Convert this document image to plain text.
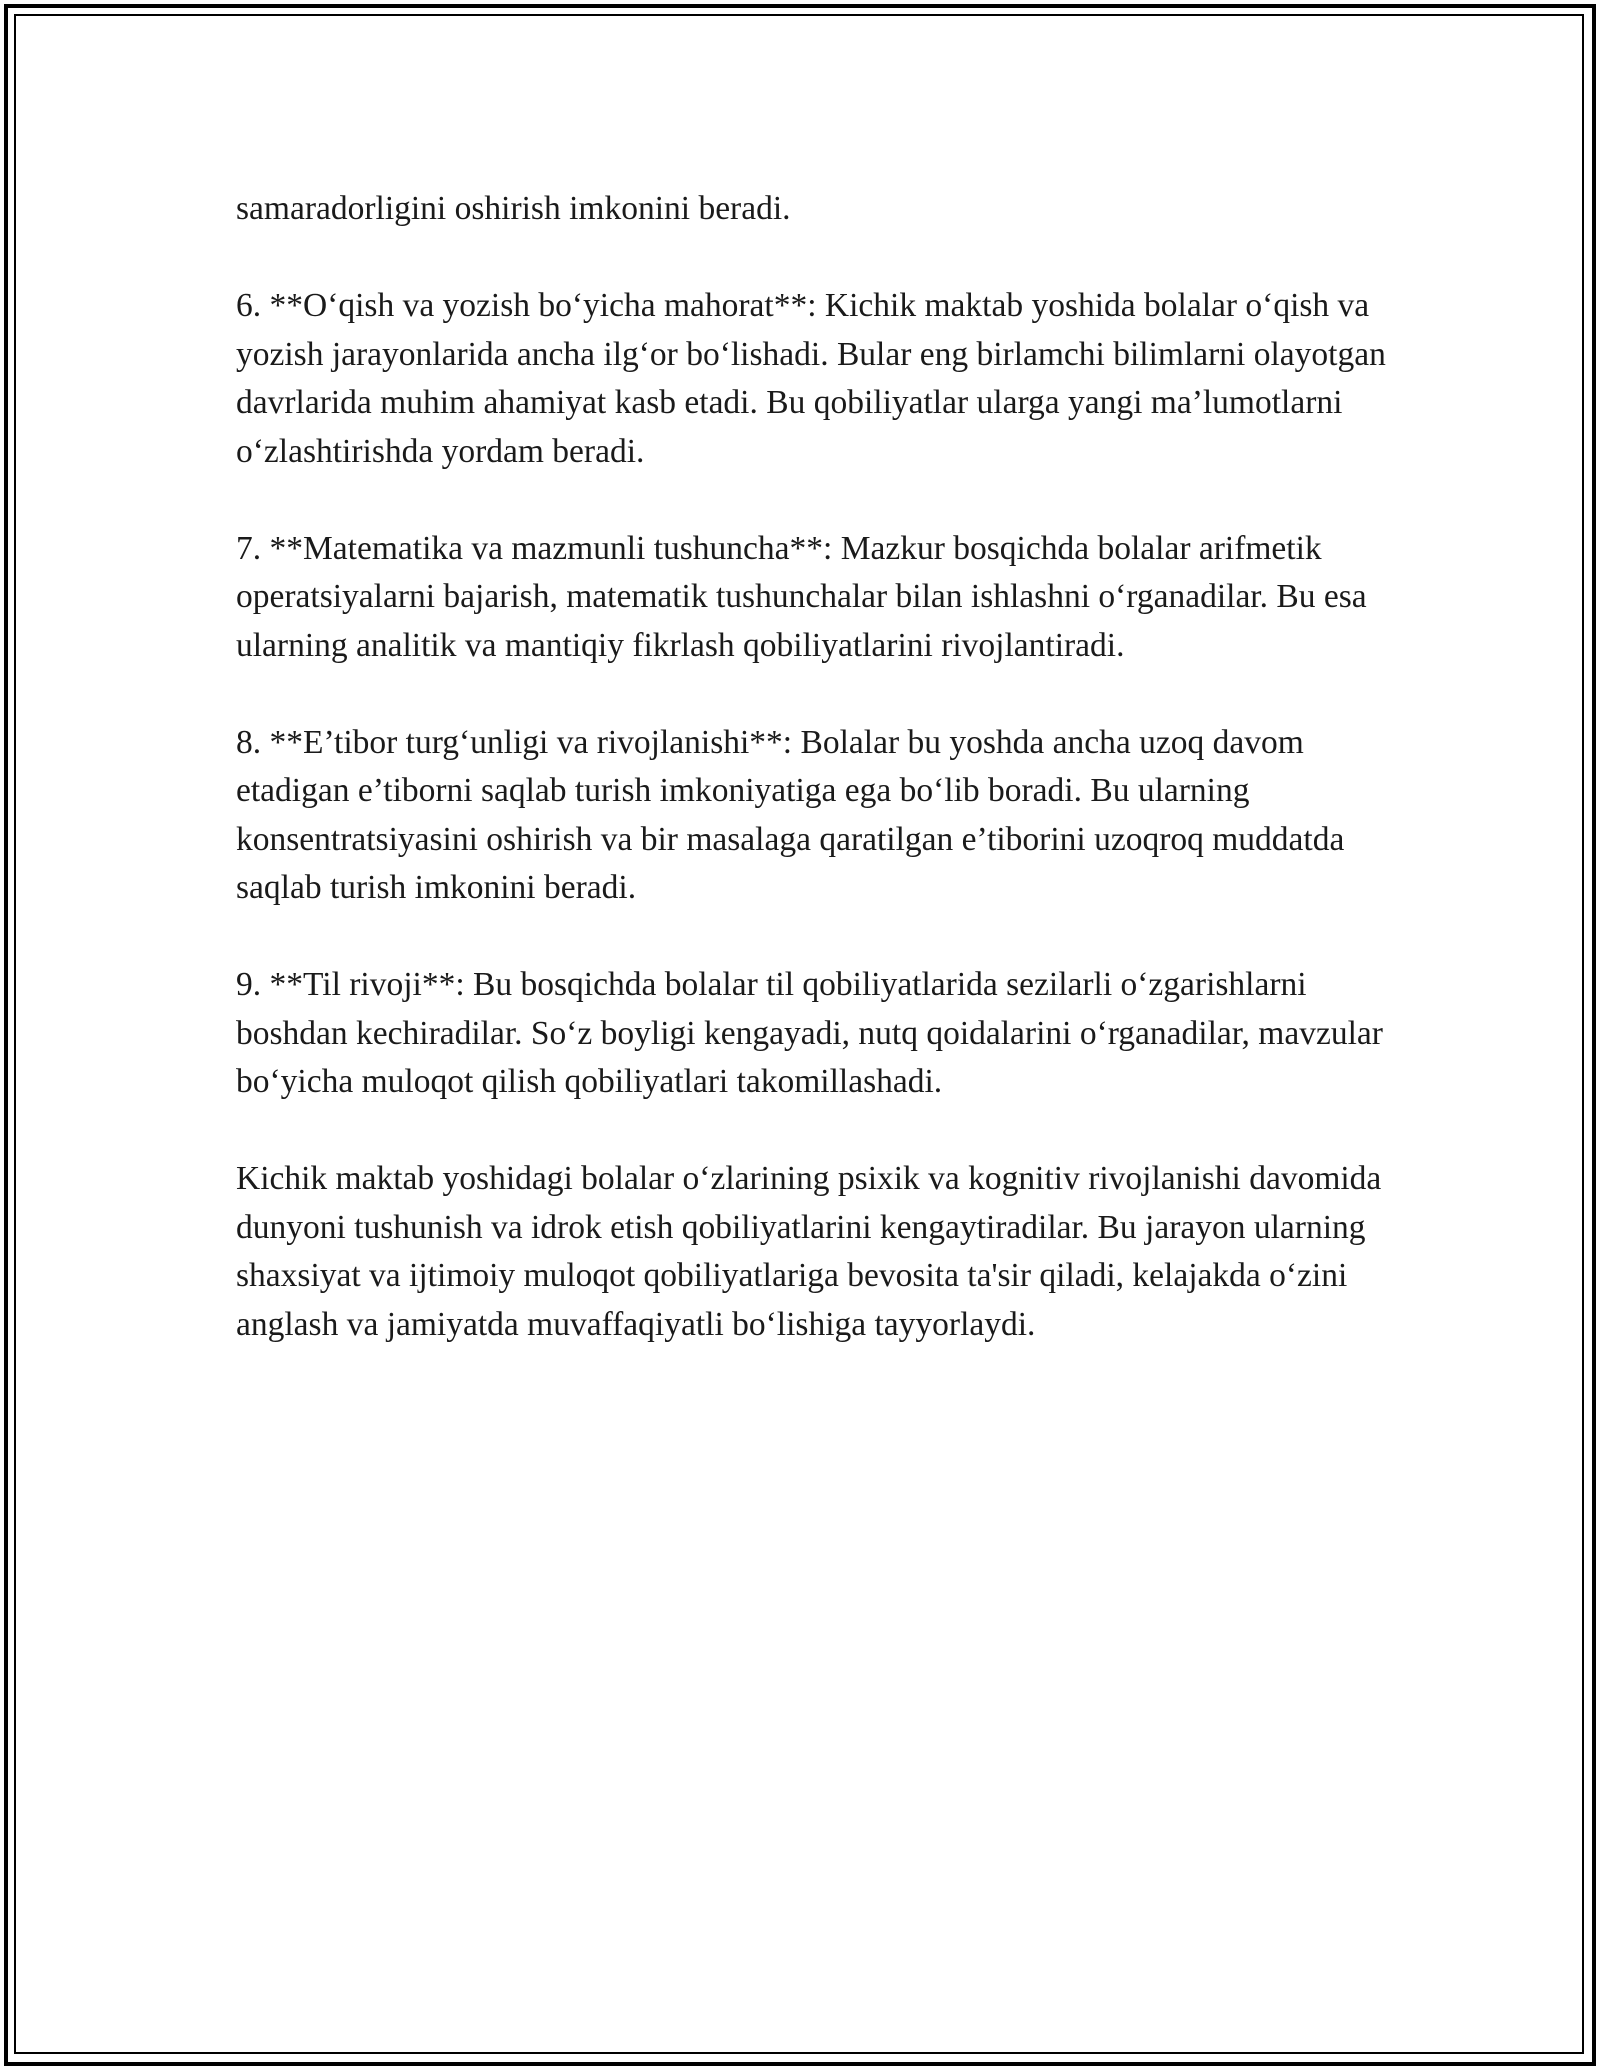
samaradorligini oshirish imkonini beradi.

6. **O‘qish va yozish bo‘yicha mahorat**: Kichik maktab yoshida bolalar o‘qish va yozish jarayonlarida ancha ilg‘or bo‘lishadi. Bular eng birlamchi bilimlarni olayotgan davrlarida muhim ahamiyat kasb etadi. Bu qobiliyatlar ularga yangi ma’lumotlarni o‘zlashtirishda yordam beradi.

7. **Matematika va mazmunli tushuncha**: Mazkur bosqichda bolalar arifmetik operatsiyalarni bajarish, matematik tushunchalar bilan ishlashni o‘rganadilar. Bu esa ularning analitik va mantiqiy fikrlash qobiliyatlarini rivojlantiradi.

8. **E’tibor turg‘unligi va rivojlanishi**: Bolalar bu yoshda ancha uzoq davom etadigan e’tiborni saqlab turish imkoniyatiga ega bo‘lib boradi. Bu ularning konsentratsiyasini oshirish va bir masalaga qaratilgan e’tiborini uzoqroq muddatda saqlab turish imkonini beradi.

9. **Til rivoji**: Bu bosqichda bolalar til qobiliyatlarida sezilarli o‘zgarishlarni boshdan kechiradilar. So‘z boyligi kengayadi, nutq qoidalarini o‘rganadilar, mavzular bo‘yicha muloqot qilish qobiliyatlari takomillashadi.

Kichik maktab yoshidagi bolalar o‘zlarining psixik va kognitiv rivojlanishi davomida dunyoni tushunish va idrok etish qobiliyatlarini kengaytiradilar. Bu jarayon ularning shaxsiyat va ijtimoiy muloqot qobiliyatlariga bevosita ta'sir qiladi, kelajakda o‘zini anglash va jamiyatda muvaffaqiyatli bo‘lishiga tayyorlaydi.
